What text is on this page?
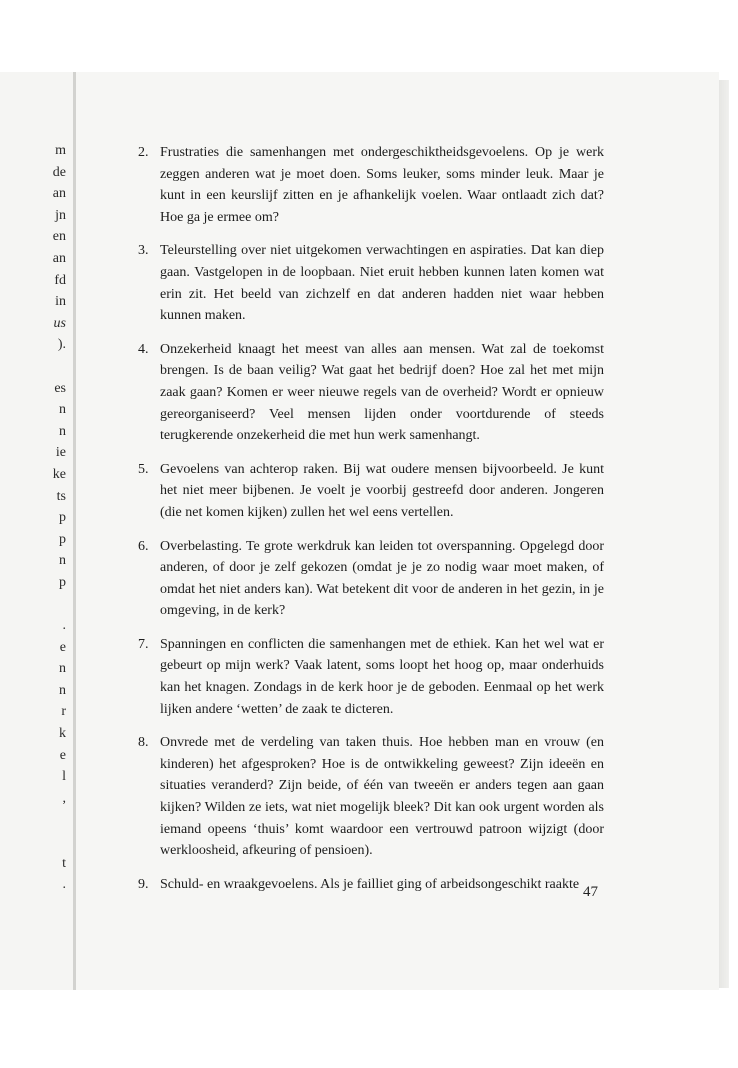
m
de
an
jn
en
an
fd
in
us
).
es
n
n
ie
ke
ts
p
p
n
p
.
e
n
n
r
k
e
l
,
t
.
2. Frustraties die samenhangen met ondergeschiktheidsgevoelens. Op je werk zeggen anderen wat je moet doen. Soms leuker, soms minder leuk. Maar je kunt in een keurslijf zitten en je afhankelijk voelen. Waar ontlaadt zich dat? Hoe ga je ermee om?
3. Teleurstelling over niet uitgekomen verwachtingen en aspiraties. Dat kan diep gaan. Vastgelopen in de loopbaan. Niet eruit hebben kunnen laten komen wat erin zit. Het beeld van zichzelf en dat anderen hadden niet waar hebben kunnen maken.
4. Onzekerheid knaagt het meest van alles aan mensen. Wat zal de toekomst brengen. Is de baan veilig? Wat gaat het bedrijf doen? Hoe zal het met mijn zaak gaan? Komen er weer nieuwe regels van de overheid? Wordt er opnieuw gereorganiseerd? Veel mensen lijden onder voortdurende of steeds terugkerende onzekerheid die met hun werk samenhangt.
5. Gevoelens van achterop raken. Bij wat oudere mensen bijvoorbeeld. Je kunt het niet meer bijbenen. Je voelt je voorbij gestreefd door anderen. Jongeren (die net komen kijken) zullen het wel eens vertellen.
6. Overbelasting. Te grote werkdruk kan leiden tot overspanning. Opgelegd door anderen, of door je zelf gekozen (omdat je je zo nodig waar moet maken, of omdat het niet anders kan). Wat betekent dit voor de anderen in het gezin, in je omgeving, in de kerk?
7. Spanningen en conflicten die samenhangen met de ethiek. Kan het wel wat er gebeurt op mijn werk? Vaak latent, soms loopt het hoog op, maar onderhuids kan het knagen. Zondags in de kerk hoor je de geboden. Eenmaal op het werk lijken andere ‘wetten’ de zaak te dicteren.
8. Onvrede met de verdeling van taken thuis. Hoe hebben man en vrouw (en kinderen) het afgesproken? Hoe is de ontwikkeling geweest? Zijn ideeën en situaties veranderd? Zijn beide, of één van tweeën er anders tegen aan gaan kijken? Wilden ze iets, wat niet mogelijk bleek? Dit kan ook urgent worden als iemand opeens ‘thuis’ komt waardoor een vertrouwd patroon wijzigt (door werkloosheid, afkeuring of pensioen).
9. Schuld- en wraakgevoelens. Als je failliet ging of arbeidsongeschikt raakte 47
